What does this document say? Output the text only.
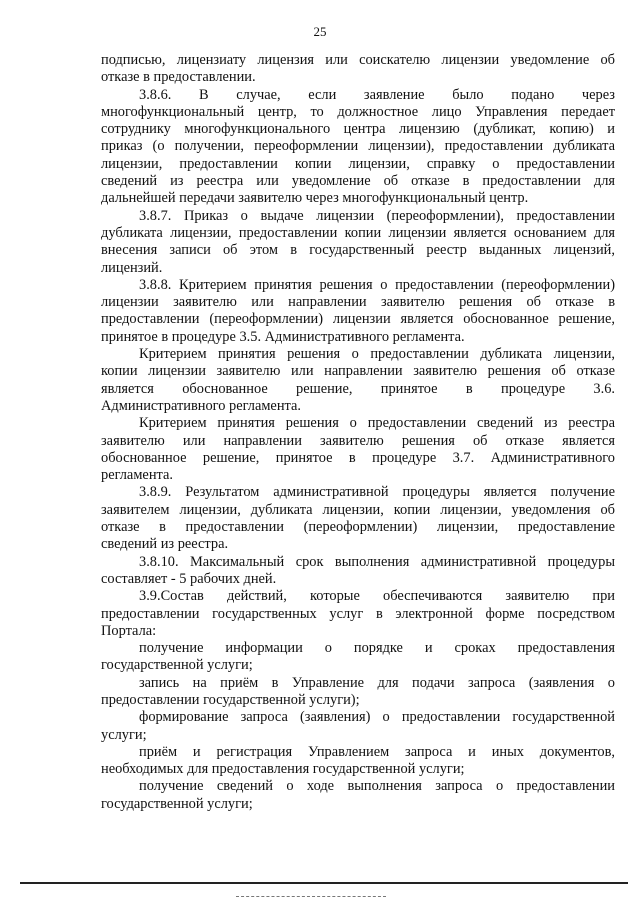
25

подписью, лицензиату лицензия или соискателю лицензии уведомление об

отказе в предоставлении.

3.8.6. В случае, если заявление было подано через

многофункциональный центр, то должностное лицо Управления передает

сотруднику многофункционального центра лицензию (дубликат, копию) и

приказ (о получении, переоформлении лицензии), предоставлении дубликата

лицензии, предоставлении копии лицензии, справку о предоставлении

сведений из реестра или уведомление об отказе в предоставлении для

дальнейшей передачи заявителю через многофункциональный центр.

3.8.7. Приказ о выдаче лицензии (переоформлении), предоставлении

дубликата лицензии, предоставлении копии лицензии является основанием для

внесения записи об этом в государственный реестр выданных лицензий,

лицензий.

3.8.8. Критерием принятия решения о предоставлении (переоформлении)

лицензии заявителю или направлении заявителю решения об отказе в

предоставлении (переоформлении) лицензии является обоснованное решение,

принятое в процедуре 3.5. Административного регламента.

Критерием принятия решения о предоставлении дубликата лицензии,

копии лицензии заявителю или направлении заявителю решения об отказе

является обоснованное решение, принятое в процедуре 3.6.

Административного регламента.

Критерием принятия решения о предоставлении сведений из реестра

заявителю или направлении заявителю решения об отказе является

обоснованное решение, принятое в процедуре 3.7. Административного

регламента.

3.8.9. Результатом административной процедуры является получение

заявителем лицензии, дубликата лицензии, копии лицензии, уведомления об

отказе в предоставлении (переоформлении) лицензии, предоставление

сведений из реестра.

3.8.10. Максимальный срок выполнения административной процедуры

составляет - 5 рабочих дней.

3.9.Состав действий, которые обеспечиваются заявителю при

предоставлении государственных услуг в электронной форме посредством

Портала:

получение информации о порядке и сроках предоставления

государственной услуги;

запись на приём в Управление для подачи запроса (заявления о

предоставлении государственной услуги);

формирование запроса (заявления) о предоставлении государственной

услуги;

приём и регистрация Управлением запроса и иных документов,

необходимых для предоставления государственной услуги;

получение сведений о ходе выполнения запроса о предоставлении

государственной услуги;
